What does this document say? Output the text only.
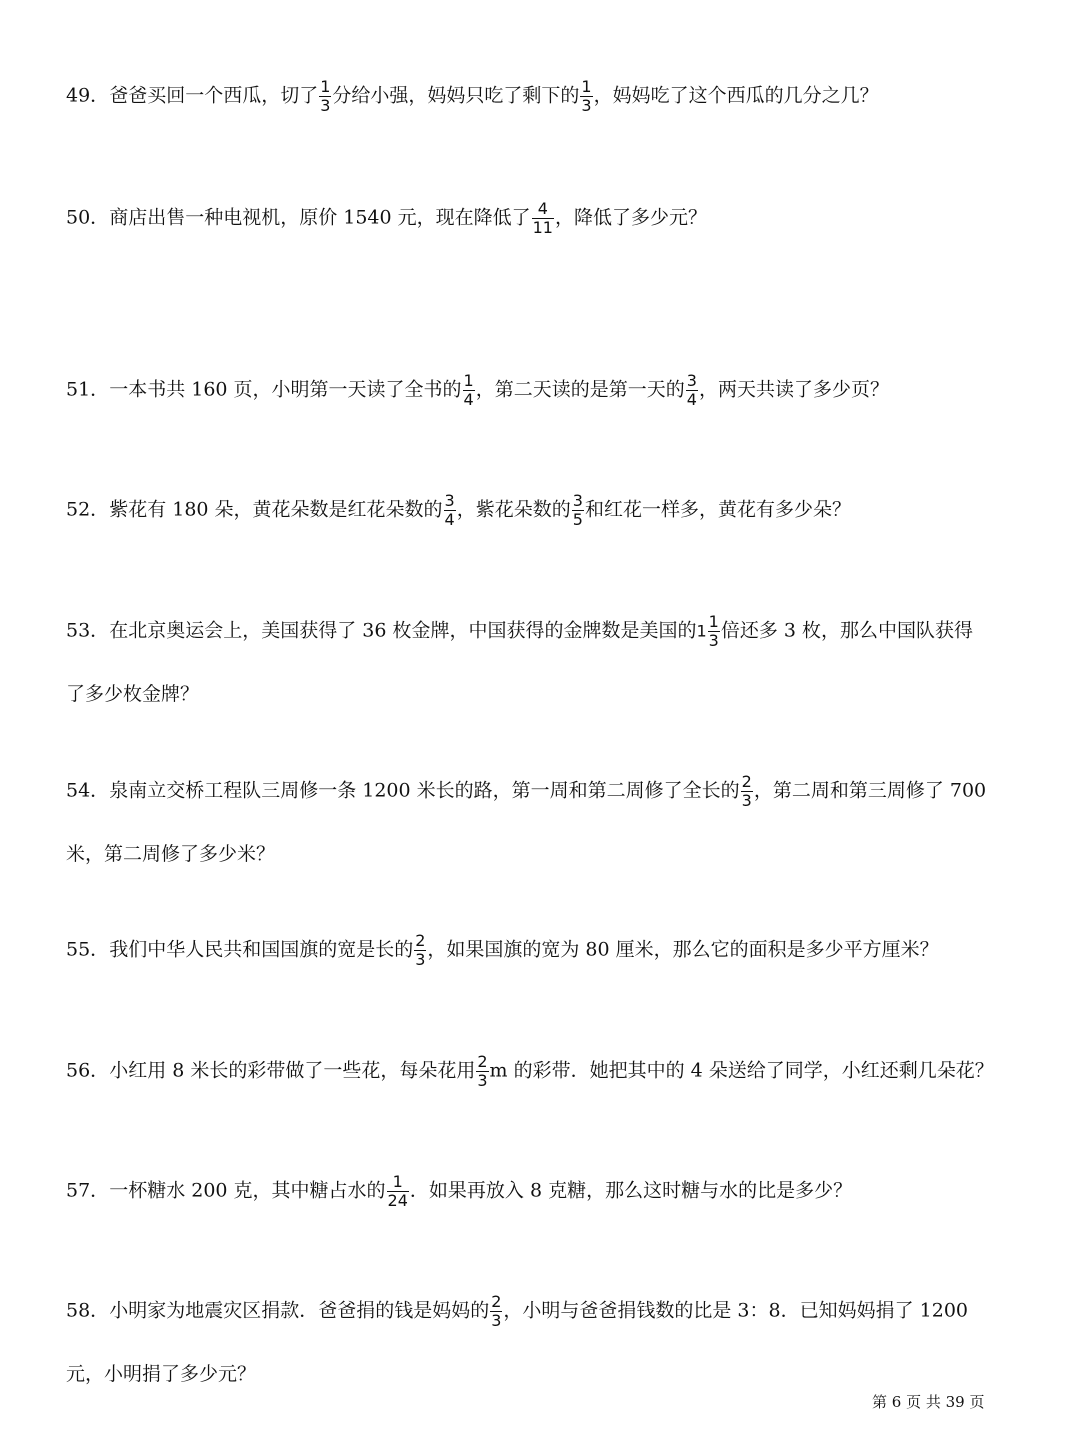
49．爸爸买回一个西瓜，切了 $\frac{1}{3}$ 分给小强，妈妈只吃了剩下的 $\frac{1}{3}$ ，妈妈吃了这个西瓜的几分之几？
50．商店出售一种电视机，原价 1540 元，现在降低了 $\frac{4}{11}$ ，降低了多少元？
51．一本书共 160 页，小明第一天读了全书的 $\frac{1}{4}$ ，第二天读的是第一天的 $\frac{3}{4}$ ，两天共读了多少页？
52．紫花有 180 朵，黄花朵数是红花朵数的 $\frac{3}{4}$ ，紫花朵数的 $\frac{3}{5}$ 和红花一样多，黄花有多少朵？
53．在北京奥运会上，美国获得了 36 枚金牌，中国获得的金牌数是美国的$1 \frac{1}{3}$ 倍还多 3 枚，那么中国队获得
了多少枚金牌？
54．泉南立交桥工程队三周修一条 1200 米长的路，第一周和第二周修了全长的 $\frac{2}{3}$ ，第二周和第三周修了 700
米，第二周修了多少米？
55．我们中华人民共和国国旗的宽是长的 $\frac{2}{3}$ ，如果国旗的宽为 80 厘米，那么它的面积是多少平方厘米？
56．小红用 8 米长的彩带做了一些花，每朵花用 $\frac{2}{3}$ m 的彩带．她把其中的 4 朵送给了同学，小红还剩几朵花？
57．一杯糖水 200 克，其中糖占水的 $\frac{1}{24}$ ．如果再放入 8 克糖，那么这时糖与水的比是多少？
58．小明家为地震灾区捐款．爸爸捐的钱是妈妈的 $\frac{2}{3}$ ，小明与爸爸捐钱数的比是 3：8．已知妈妈捐了 1200
元，小明捐了多少元？
第 6 页 共 39 页
